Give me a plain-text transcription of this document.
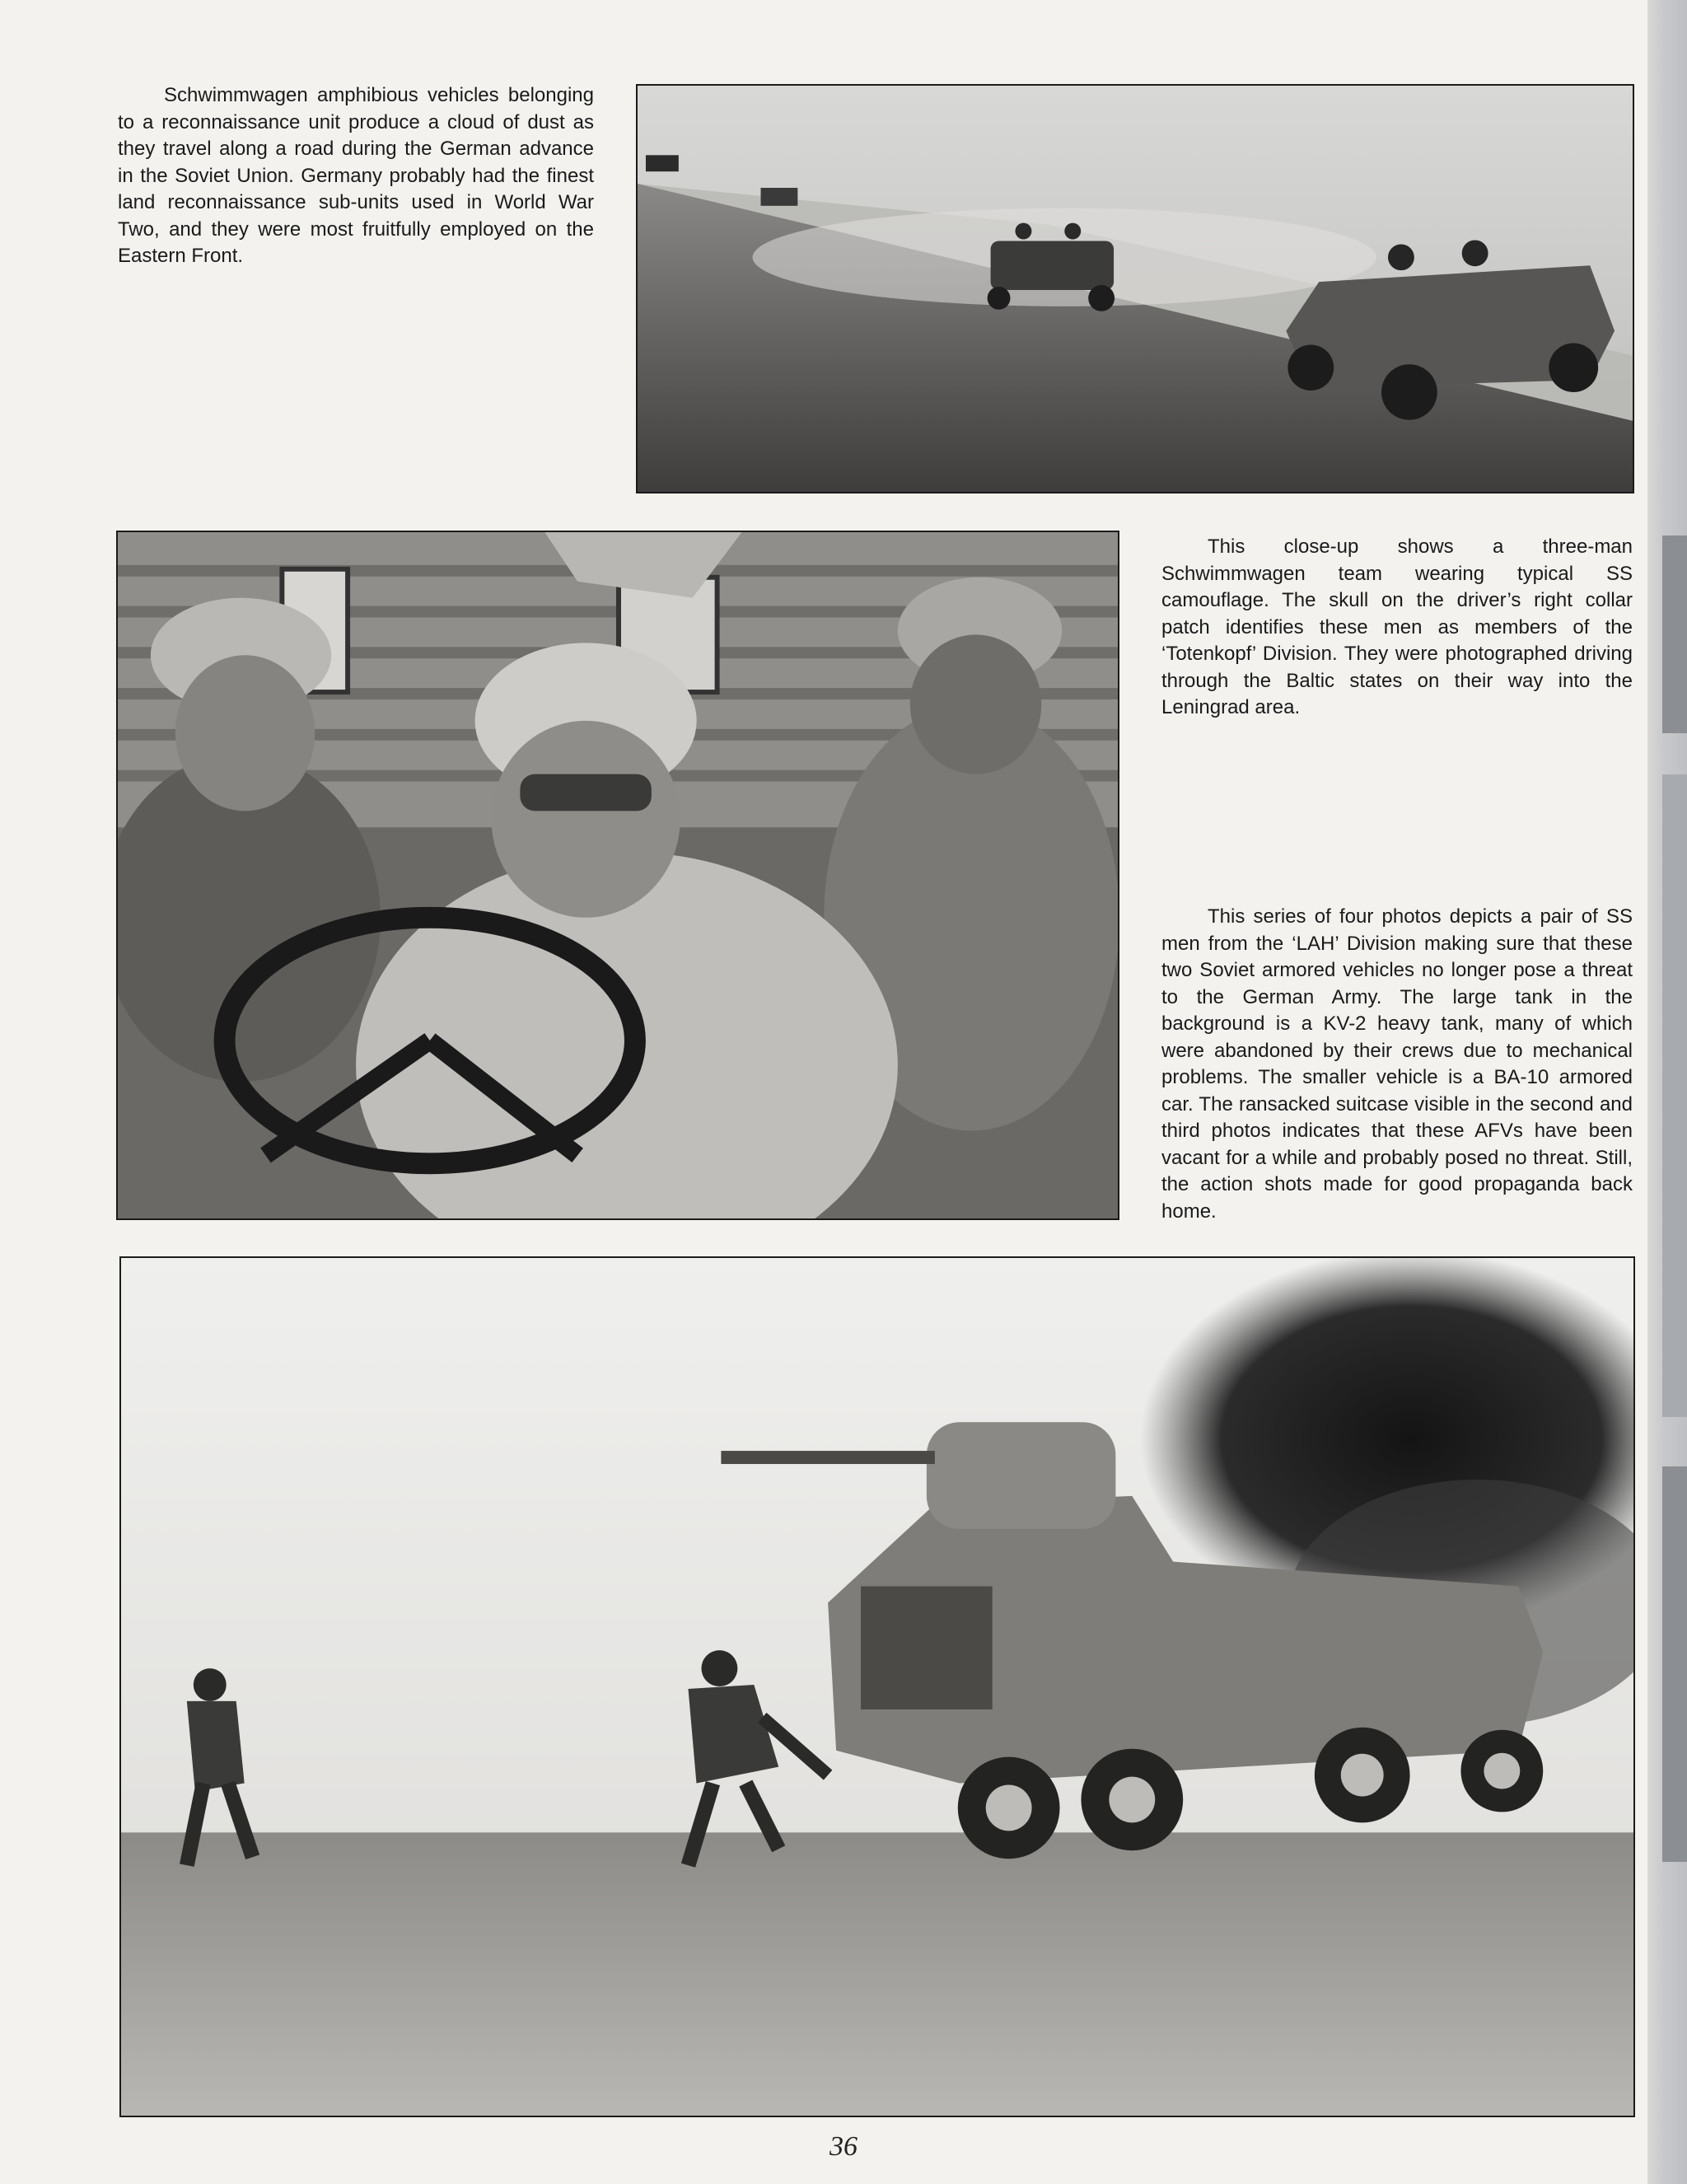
Schwimmwagen amphibious vehicles belonging to a reconnaissance unit produce a cloud of dust as they travel along a road during the German advance in the Soviet Union. Germany probably had the finest land reconnaissance sub-units used in World War Two, and they were most fruitfully employed on the Eastern Front.

This close-up shows a three-man Schwimmwagen team wearing typical SS camouflage. The skull on the driver’s right collar patch identifies these men as members of the ‘Totenkopf’ Division. They were photographed driving through the Baltic states on their way into the Leningrad area.

This series of four photos depicts a pair of SS men from the ‘LAH’ Division making sure that these two Soviet armored vehicles no longer pose a threat to the German Army. The large tank in the background is a KV-2 heavy tank, many of which were abandoned by their crews due to mechanical problems. The smaller vehicle is a BA-10 armored car. The ransacked suitcase visible in the second and third photos indicates that these AFVs have been vacant for a while and probably posed no threat. Still, the action shots made for good propaganda back home.

36
